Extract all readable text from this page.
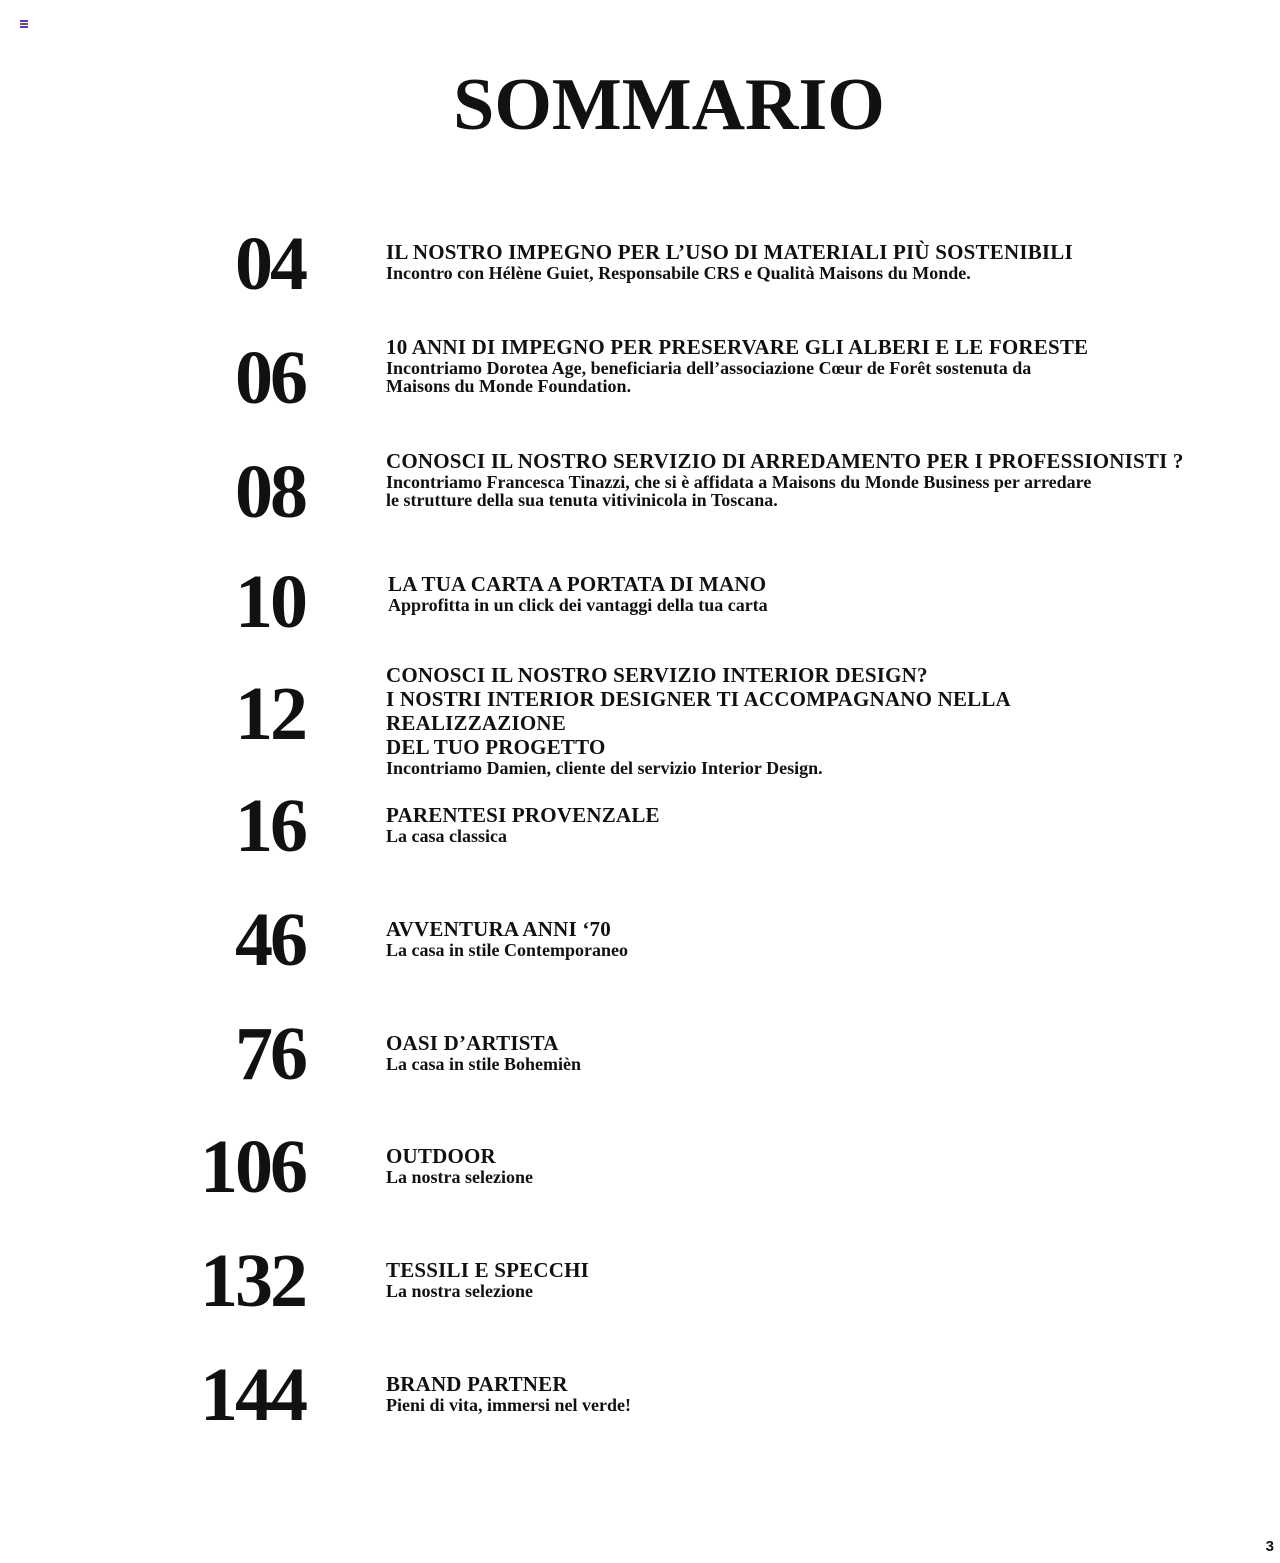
SOMMARIO
04	IL NOSTRO IMPEGNO PER L’USO DI MATERIALI PIÙ SOSTENIBILI
Incontro con Hélène Guiet, Responsabile CRS e Qualità Maisons du Monde.
06	10 ANNI DI IMPEGNO PER PRESERVARE GLI ALBERI E LE FORESTE
Incontriamo Dorotea Age, beneficiaria dell’associazione Cœur de Forêt sostenuta da
Maisons du Monde Foundation.
08	CONOSCI IL NOSTRO SERVIZIO DI ARREDAMENTO PER I PROFESSIONISTI ?
Incontriamo Francesca Tinazzi, che si è affidata a Maisons du Monde Business per arredare
le strutture della sua tenuta vitivinicola in Toscana.
10	LA TUA CARTA A PORTATA DI MANO
Approfitta in un click dei vantaggi della tua carta
12	CONOSCI IL NOSTRO SERVIZIO INTERIOR DESIGN?
I NOSTRI INTERIOR DESIGNER TI ACCOMPAGNANO NELLA REALIZZAZIONE
DEL TUO PROGETTO
Incontriamo Damien, cliente del servizio Interior Design.
16	PARENTESI PROVENZALE
La casa classica
46	AVVENTURA ANNI ‘70
La casa in stile Contemporaneo
76	OASI D’ARTISTA
La casa in stile Bohemièn
106	OUTDOOR
La nostra selezione
132	TESSILI E SPECCHI
La nostra selezione
144	BRAND PARTNER
Pieni di vita, immersi nel verde!
3
